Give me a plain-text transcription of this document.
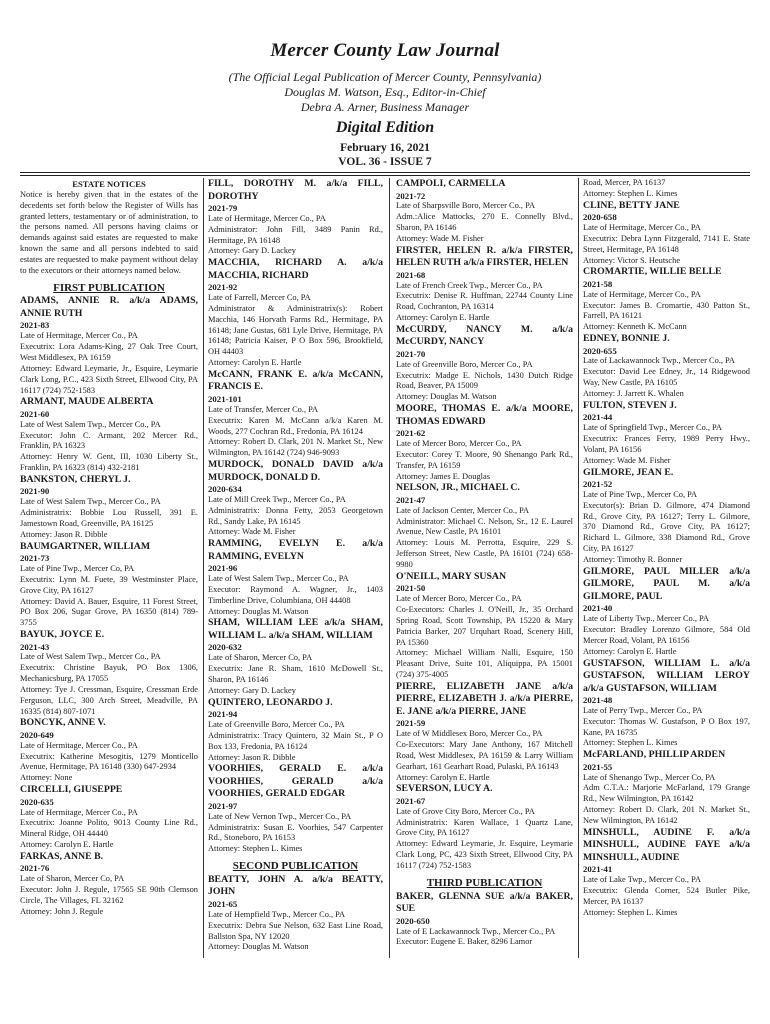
Mercer County Law Journal
(The Official Legal Publication of Mercer County, Pennsylvania)
Douglas M. Watson, Esq., Editor-in-Chief
Debra A. Arner, Business Manager
Digital Edition
February 16, 2021
VOL. 36 - ISSUE 7
ESTATE NOTICES
Notice is hereby given that in the estates of the decedents set forth below the Register of Wills has granted letters, testamentary or of administration, to the persons named. All persons having claims or demands against said estates are requested to make known the same and all persons indebted to said estates are requested to make payment without delay to the executors or their attorneys named below.
FIRST PUBLICATION
ADAMS, ANNIE R. a/k/a ADAMS, ANNIE RUTH
2021-83
Late of Hermitage, Mercer Co., PA
Executrix: Lora Adams-King, 27 Oak Tree Court, West Middlesex, PA 16159
Attorney: Edward Leymarie, Jr., Esquire, Leymarie Clark Long, P.C., 423 Sixth Street, Ellwood City, PA 16117 (724) 752-1583
ARMANT, MAUDE ALBERTA
2021-60
Late of West Salem Twp., Mercer Co., PA
Executor: John C. Armant, 202 Mercer Rd., Franklin, PA 16323
Attorney: Henry W. Gent, III, 1030 Liberty St., Franklin, PA 16323 (814) 432-2181
BANKSTON, CHERYL J.
2021-90
Late of West Salem Twp., Mercer Co., PA
Administratrix: Bobbie Lou Russell, 391 E. Jamestown Road, Greenville, PA 16125
Attorney: Jason R. Dibble
BAUMGARTNER, WILLIAM
2021-73
Late of Pine Twp., Mercer Co, PA
Executrix: Lynn M. Fuete, 39 Westminster Place, Grove City, PA 16127
Attorney: David A. Bauer, Esquire, 11 Forest Street, PO Box 206, Sugar Grove, PA 16350 (814) 789-3755
BAYUK, JOYCE E.
2021-43
Late of West Salem Twp., Mercer Co., PA
Executrix: Christine Bayuk, PO Box 1306, Mechanicsburg, PA 17055
Attorney: Tye J. Cressman, Esquire, Cressman Erde Ferguson, LLC, 300 Arch Street, Meadville, PA 16335 (814) 807-1071
BONCYK, ANNE V.
2020-649
Late of Hermitage, Mercer Co., PA
Executrix: Katherine Mesogitis, 1279 Monticello Avenue, Hermitage, PA 16148 (330) 647-2934
Attorney: None
CIRCELLI, GIUSEPPE
2020-635
Late of Hermitage, Mercer Co., PA
Executrix: Joanne Polito, 9013 County Line Rd., Mineral Ridge, OH 44440
Attorney: Carolyn E. Hartle
FARKAS, ANNE B.
2021-76
Late of Sharon, Mercer Co, PA
Executor: John J. Regule, 17565 SE 90th Clemson Circle, The Villages, FL 32162
Attorney: John J. Regule
FILL, DOROTHY M. a/k/a FILL, DOROTHY
2021-79
Late of Hermitage, Mercer Co., PA
Administrator: John Fill, 3489 Panin Rd., Hermitage, PA 16148
Attorney: Gary D. Lackey
MACCHIA, RICHARD A. a/k/a MACCHIA, RICHARD
2021-92
Late of Farrell, Mercer Co, PA
Administrator & Administratrix(s): Robert Macchia, 146 Horvath Farms Rd., Hermitage, PA 16148; Jane Gustas, 681 Lyle Drive, Hermitage, PA 16148; Patricia Kaiser, P O Box 596, Brookfield, OH 44403
Attorney: Carolyn E. Hartle
McCANN, FRANK E. a/k/a McCANN, FRANCIS E.
2021-101
Late of Transfer, Mercer Co., PA
Executrix: Karen M. McCann a/k/a Karen M. Woods, 277 Cochran Rd., Fredonia, PA 16124
Attorney: Robert D. Clark, 201 N. Market St., New Wilmington, PA 16142 (724) 946-9093
MURDOCK, DONALD DAVID a/k/a MURDOCK, DONALD D.
2020-634
Late of Mill Creek Twp., Mercer Co., PA
Administratrix: Donna Fetty, 2053 Georgetown Rd., Sandy Lake, PA 16145
Attorney: Wade M. Fisher
RAMMING, EVELYN E. a/k/a RAMMING, EVELYN
2021-96
Late of West Salem Twp., Mercer Co., PA
Executor: Raymond A. Wagner, Jr., 1403 Timberline Drive, Columbiana, OH 44408
Attorney: Douglas M. Watson
SHAM, WILLIAM LEE a/k/a SHAM, WILLIAM L. a/k/a SHAM, WILLIAM
2020-632
Late of Sharon, Mercer Co, PA
Executrix: Jane R. Sham, 1610 McDowell St., Sharon, PA 16146
Attorney: Gary D. Lackey
QUINTERO, LEONARDO J.
2021-94
Late of Greenville Boro, Mercer Co., PA
Administratrix: Tracy Quintero, 32 Main St., P O Box 133, Fredonia, PA 16124
Attorney: Jason R. Dibble
VOORHIES, GERALD E. a/k/a VOORHIES, GERALD a/k/a VOORHIES, GERALD EDGAR
2021-97
Late of New Vernon Twp., Mercer Co., PA
Administratrix: Susan E. Voorhies, 547 Carpenter Rd., Stoneboro, PA 16153
Attorney: Stephen L. Kimes
SECOND PUBLICATION
BEATTY, JOHN A. a/k/a BEATTY, JOHN
2021-65
Late of Hempfield Twp., Mercer Co., PA
Executrix: Debra Sue Nelson, 632 East Line Road, Ballston Spa, NY 12020
Attorney: Douglas M. Watson
CAMPOLI, CARMELLA
2021-72
Late of Sharpsville Boro, Mercer Co., PA
Adm.:Alice Mattocks, 270 E. Connelly Blvd., Sharon, PA 16146
Attorney: Wade M. Fisher
FIRSTER, HELEN R. a/k/a FIRSTER, HELEN RUTH a/k/a FIRSTER, HELEN
2021-68
Late of French Creek Twp., Mercer Co., PA
Executrix: Denise R. Huffman, 22744 County Line Road, Cochranton, PA 16314
Attorney: Carolyn E. Hartle
McCURDY, NANCY M. a/k/a McCURDY, NANCY
2021-70
Late of Greenville Boro, Mercer Co., PA
Executrix: Madge E. Nichols, 1430 Dutch Ridge Road, Beaver, PA 15009
Attorney: Douglas M. Watson
MOORE, THOMAS E. a/k/a MOORE, THOMAS EDWARD
2021-62
Late of Mercer Boro, Mercer Co., PA
Executor: Corey T. Moore, 90 Shenango Park Rd., Transfer, PA 16159
Attorney: James E. Douglas
NELSON, JR., MICHAEL C.
2021-47
Late of Jackson Center, Mercer Co., PA
Administrator: Michael C. Nelson, Sr., 12 E. Laurel Avenue, New Castle, PA 16101
Attorney: Louis M. Perrotta, Esquire, 229 S. Jefferson Street, New Castle, PA 16101 (724) 658-9980
O'NEILL, MARY SUSAN
2021-50
Late of Mercer Boro, Mercer Co., PA
Co-Executors: Charles J. O'Neill, Jr., 35 Orchard Spring Road, Scott Township, PA 15220 & Mary Patricia Barker, 207 Urquhart Road, Scenery Hill, PA 15360
Attorney: Michael William Nalli, Esquire, 150 Pleasant Drive, Suite 101, Aliquippa, PA 15001 (724) 375-4005
PIERRE, ELIZABETH JANE a/k/a PIERRE, ELIZABETH J. a/k/a PIERRE, E. JANE a/k/a PIERRE, JANE
2021-59
Late of W Middlesex Boro, Mercer Co., PA
Co-Executors: Mary Jane Anthony, 167 Mitchell Road, West Middlesex, PA 16159 & Larry William Gearhart, 161 Gearhart Road, Pulaski, PA 16143
Attorney: Carolyn E. Hartle
SEVERSON, LUCY A.
2021-67
Late of Grove City Boro, Mercer Co., PA
Administratrix: Karen Wallace, 1 Quartz Lane, Grove City, PA 16127
Attorney: Edward Leymarie, Jr. Esquire, Leymarie Clark Long, PC, 423 Sixth Street, Ellwood City, PA 16117 (724) 752-1583
THIRD PUBLICATION
BAKER, GLENNA SUE a/k/a BAKER, SUE
2020-650
Late of E Lackawannock Twp., Mercer Co., PA
Executor: Eugene E. Baker, 8296 Lamor
Road, Mercer, PA 16137
Attorney: Stephen L. Kimes
CLINE, BETTY JANE
2020-658
Late of Hermitage, Mercer Co., PA
Executrix: Debra Lynn Fitzgerald, 7141 E. State Street, Hermitage, PA 16148
Attorney: Victor S. Heutsche
CROMARTIE, WILLIE BELLE
2021-58
Late of Hermitage, Mercer Co., PA
Executor: James B. Cromartie, 430 Patton St., Farrell, PA 16121
Attorney: Kenneth K. McCann
EDNEY, BONNIE J.
2020-655
Late of Lackawannock Twp., Mercer Co., PA
Executor: David Lee Edney, Jr., 14 Ridgewood Way, New Castle, PA 16105
Attorney: J. Jarrett K. Whalen
FULTON, STEVEN J.
2021-44
Late of Springfield Twp., Mercer Co., PA
Executrix: Frances Ferry, 1989 Perry Hwy., Volant, PA 16156
Attorney: Wade M. Fisher
GILMORE, JEAN E.
2021-52
Late of Pine Twp., Mercer Co, PA
Executor(s): Brian D. Gilmore, 474 Diamond Rd., Grove City, PA 16127; Terry L. Gilmore, 370 Diamond Rd., Grove City, PA 16127; Richard L. Gilmore, 338 Diamond Rd., Grove City, PA 16127
Attorney: Timothy R. Bonner
GILMORE, PAUL MILLER a/k/a GILMORE, PAUL M. a/k/a GILMORE, PAUL
2021-40
Late of Liberty Twp., Mercer Co., PA
Executor: Bradley Lorenzo Gilmore, 584 Old Mercer Road, Volant, PA 16156
Attorney: Carolyn E. Hartle
GUSTAFSON, WILLIAM L. a/k/a GUSTAFSON, WILLIAM LEROY a/k/a GUSTAFSON, WILLIAM
2021-48
Late of Perry Twp., Mercer Co., PA
Executor: Thomas W. Gustafson, P O Box 197, Kane, PA 16735
Attorney: Stephen L. Kimes
McFARLAND, PHILLIP ARDEN
2021-55
Late of Shenango Twp., Mercer Co, PA
Adm C.T.A.: Marjorie McFarland, 179 Grange Rd., New Wilmington, PA 16142
Attorney: Robert D. Clark, 201 N. Market St., New Wilmington, PA 16142
MINSHULL, AUDINE F. a/k/a MINSHULL, AUDINE FAYE a/k/a MINSHULL, AUDINE
2021-41
Late of Lake Twp., Mercer Co., PA
Executrix: Glenda Corner, 524 Butler Pike, Mercer, PA 16137
Attorney: Stephen L. Kimes
